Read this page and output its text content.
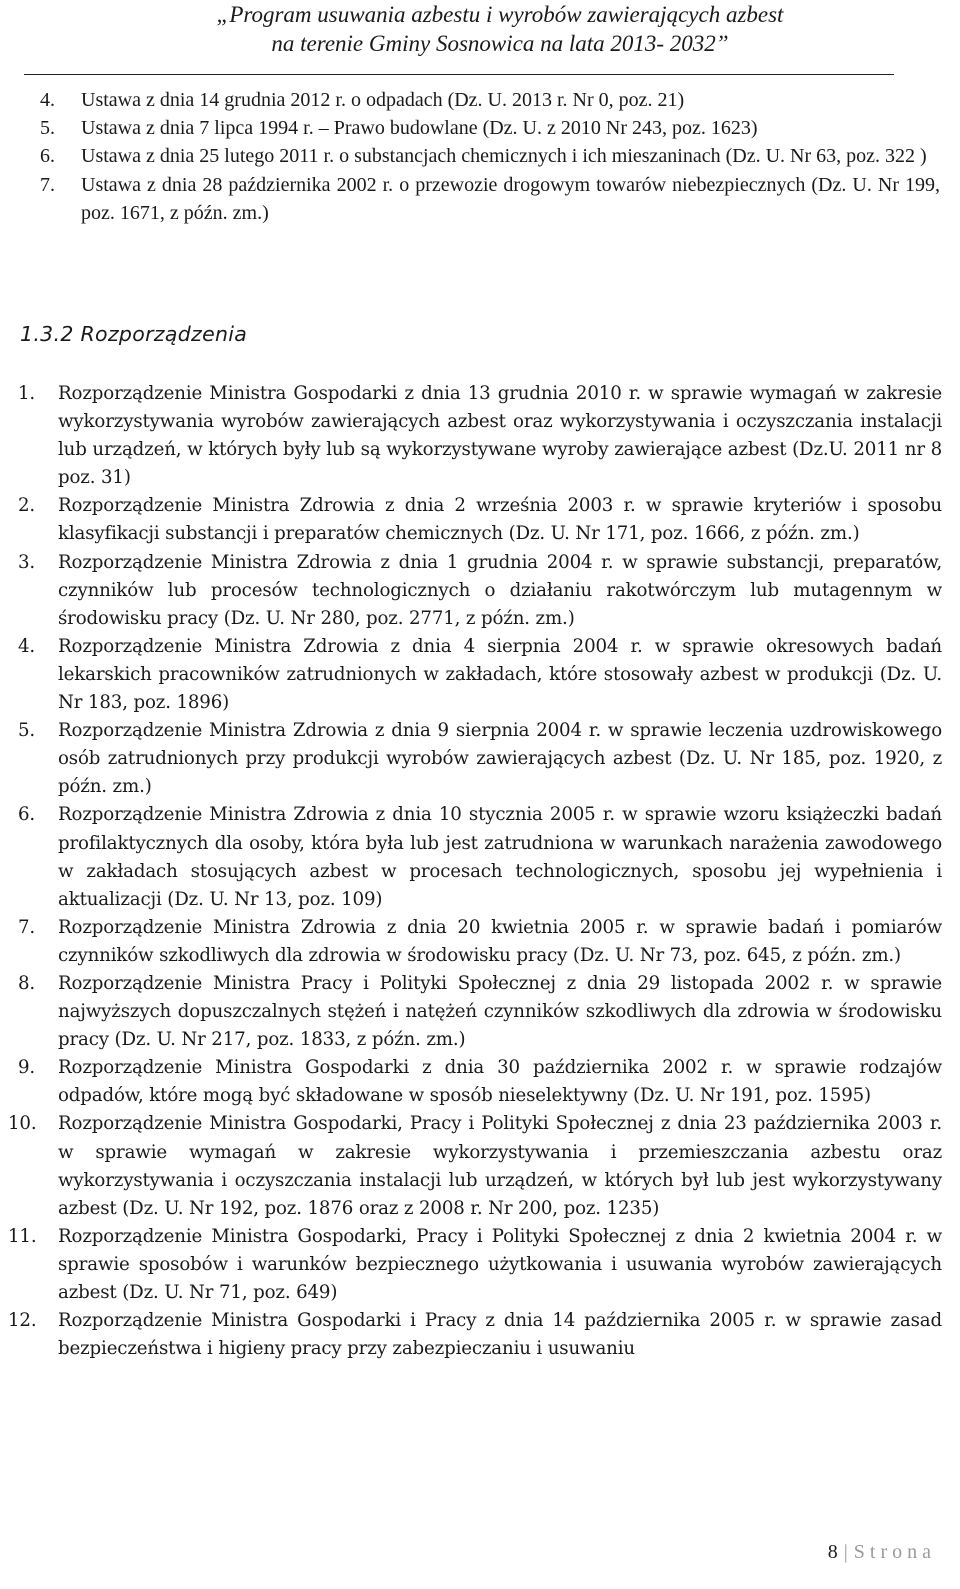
„Program usuwania azbestu i wyrobów zawierających azbest
na terenie Gminy Sosnowica na lata 2013- 2032”
4. Ustawa z dnia 14 grudnia 2012 r. o odpadach (Dz. U. 2013 r. Nr 0, poz. 21)
5. Ustawa z dnia 7 lipca 1994 r. – Prawo budowlane (Dz. U. z 2010 Nr 243, poz. 1623)
6. Ustawa z dnia 25 lutego 2011 r. o substancjach chemicznych i ich mieszaninach (Dz. U. Nr 63, poz. 322 )
7. Ustawa z dnia 28 października 2002 r. o przewozie drogowym towarów niebezpiecznych (Dz. U. Nr 199, poz. 1671, z późn. zm.)
1.3.2 Rozporządzenia
1. Rozporządzenie Ministra Gospodarki z dnia 13 grudnia 2010 r. w sprawie wymagań w zakresie wykorzystywania wyrobów zawierających azbest oraz wykorzystywania i oczyszczania instalacji lub urządzeń, w których były lub są wykorzystywane wyroby zawierające azbest (Dz.U. 2011 nr 8 poz. 31)
2. Rozporządzenie Ministra Zdrowia z dnia 2 września 2003 r. w sprawie kryteriów i sposobu klasyfikacji substancji i preparatów chemicznych (Dz. U. Nr 171, poz. 1666, z późn. zm.)
3. Rozporządzenie Ministra Zdrowia z dnia 1 grudnia 2004 r. w sprawie substancji, preparatów, czynników lub procesów technologicznych o działaniu rakotwórczym lub mutagennym w środowisku pracy (Dz. U. Nr 280, poz. 2771, z późn. zm.)
4. Rozporządzenie Ministra Zdrowia z dnia 4 sierpnia 2004 r. w sprawie okresowych badań lekarskich pracowników zatrudnionych w zakładach, które stosowały azbest w produkcji (Dz. U. Nr 183, poz. 1896)
5. Rozporządzenie Ministra Zdrowia z dnia 9 sierpnia 2004 r. w sprawie leczenia uzdrowiskowego osób zatrudnionych przy produkcji wyrobów zawierających azbest (Dz. U. Nr 185, poz. 1920, z późn. zm.)
6. Rozporządzenie Ministra Zdrowia z dnia 10 stycznia 2005 r. w sprawie wzoru książeczki badań profilaktycznych dla osoby, która była lub jest zatrudniona w warunkach narażenia zawodowego w zakładach stosujących azbest w procesach technologicznych, sposobu jej wypełnienia i aktualizacji (Dz. U. Nr 13, poz. 109)
7. Rozporządzenie Ministra Zdrowia z dnia 20 kwietnia 2005 r. w sprawie badań i pomiarów czynników szkodliwych dla zdrowia w środowisku pracy (Dz. U. Nr 73, poz. 645, z późn. zm.)
8. Rozporządzenie Ministra Pracy i Polityki Społecznej z dnia 29 listopada 2002 r. w sprawie najwyższych dopuszczalnych stężeń i natężeń czynników szkodliwych dla zdrowia w środowisku pracy (Dz. U. Nr 217, poz. 1833, z późn. zm.)
9. Rozporządzenie Ministra Gospodarki z dnia 30 października 2002 r. w sprawie rodzajów odpadów, które mogą być składowane w sposób nieselektywny (Dz. U. Nr 191, poz. 1595)
10. Rozporządzenie Ministra Gospodarki, Pracy i Polityki Społecznej z dnia 23 października 2003 r. w sprawie wymagań w zakresie wykorzystywania i przemieszczania azbestu oraz wykorzystywania i oczyszczania instalacji lub urządzeń, w których był lub jest wykorzystywany azbest (Dz. U. Nr 192, poz. 1876 oraz z 2008 r. Nr 200, poz. 1235)
11. Rozporządzenie Ministra Gospodarki, Pracy i Polityki Społecznej z dnia 2 kwietnia 2004 r. w sprawie sposobów i warunków bezpiecznego użytkowania i usuwania wyrobów zawierających azbest (Dz. U. Nr 71, poz. 649)
12. Rozporządzenie Ministra Gospodarki i Pracy z dnia 14 października 2005 r. w sprawie zasad bezpieczeństwa i higieny pracy przy zabezpieczaniu i usuwaniu
8 | Strona
